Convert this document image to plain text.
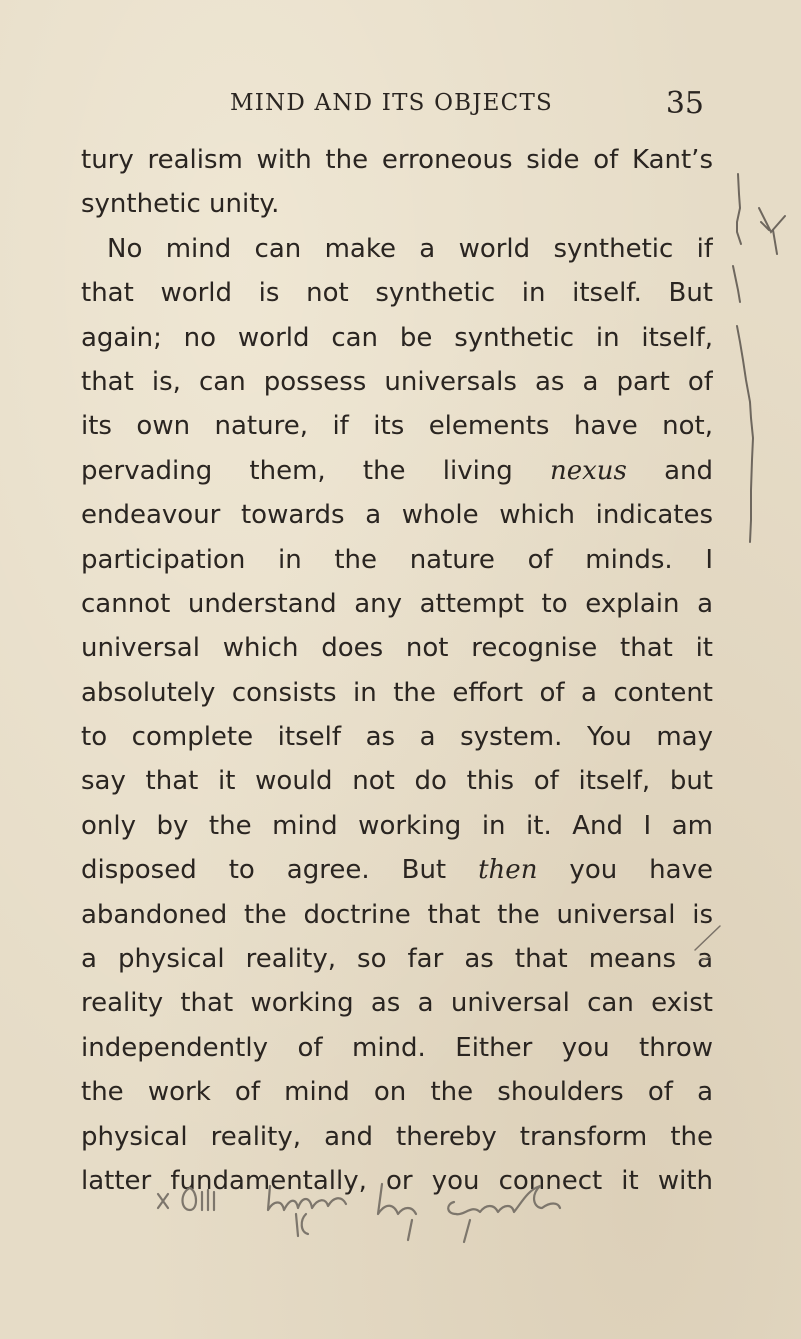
MIND AND ITS OBJECTS	35
tury realism with the erroneous side of Kant’s
synthetic unity.
No mind can make a world synthetic if
that world is not synthetic in itself. But
again; no world can be synthetic in itself,
that is, can possess universals as a part of
its own nature, if its elements have not,
pervading them, the living nexus and
endeavour towards a whole which indicates
participation in the nature of minds. I
cannot understand any attempt to explain a
universal which does not recognise that it
absolutely consists in the effort of a content
to complete itself as a system. You may
say that it would not do this of itself, but
only by the mind working in it. And I am
disposed to agree. But then you have
abandoned the doctrine that the universal is
a physical reality, so far as that means a
reality that working as a universal can exist
independently of mind. Either you throw
the work of mind on the shoulders of a
physical reality, and thereby transform the
latter fundamentally, or you connect it with
